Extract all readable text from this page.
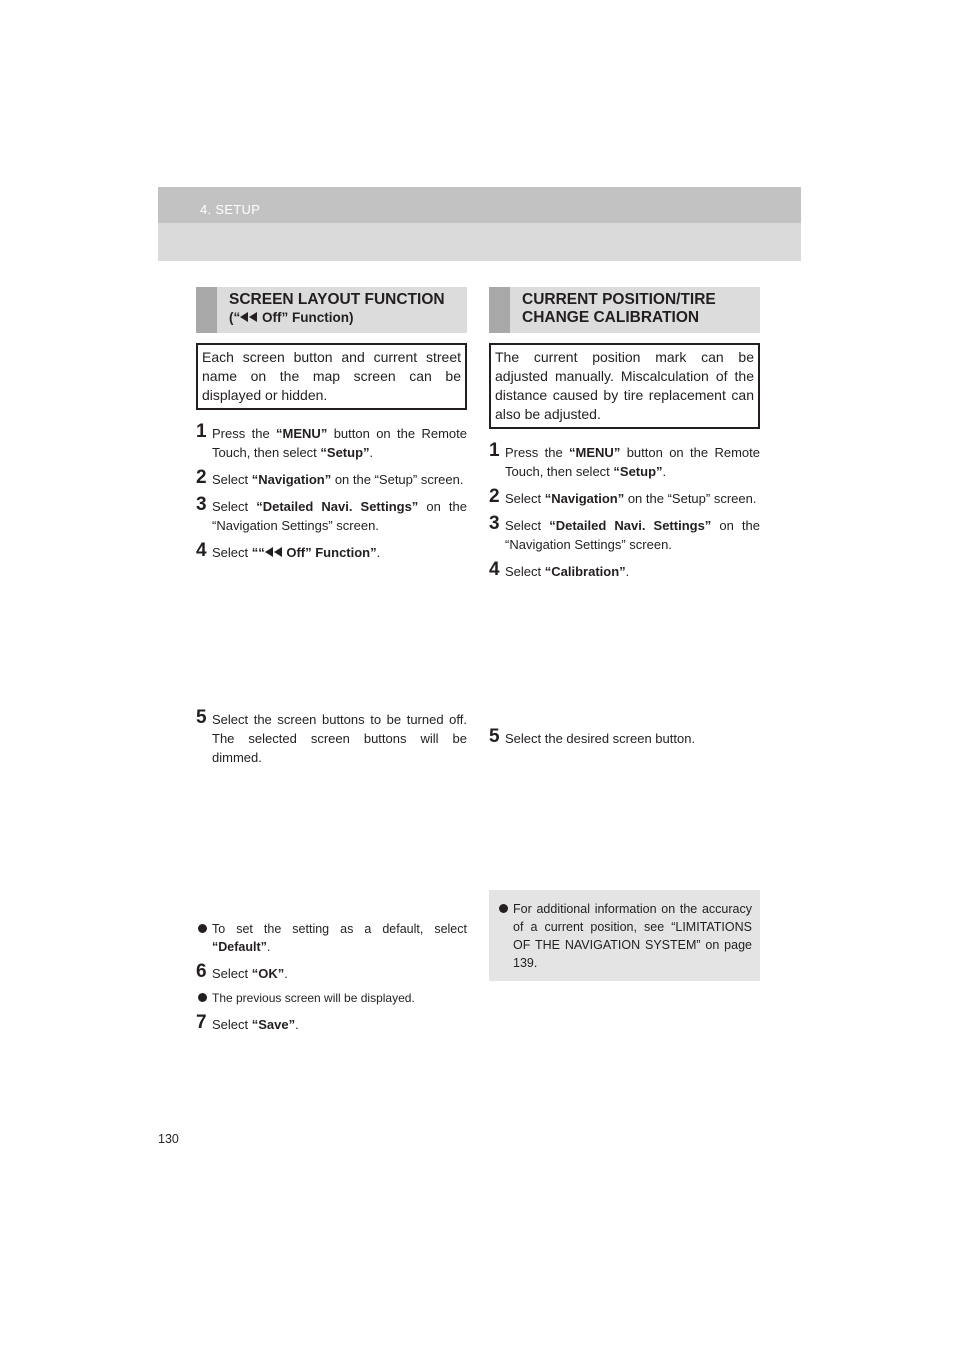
4. SETUP
SCREEN LAYOUT FUNCTION
(“ Off” Function)
Each screen button and current street name on the map screen can be displayed or hidden.
1 Press the “MENU” button on the Remote Touch, then select “Setup”.
2 Select “Navigation” on the “Setup” screen.
3 Select “Detailed Navi. Settings” on the “Navigation Settings” screen.
4 Select ““ Off” Function”.
5 Select the screen buttons to be turned off. The selected screen buttons will be dimmed.
To set the setting as a default, select “Default”.
6 Select “OK”.
The previous screen will be displayed.
7 Select “Save”.
CURRENT POSITION/TIRE
CHANGE CALIBRATION
The current position mark can be adjusted manually. Miscalculation of the distance caused by tire replacement can also be adjusted.
1 Press the “MENU” button on the Remote Touch, then select “Setup”.
2 Select “Navigation” on the “Setup” screen.
3 Select “Detailed Navi. Settings” on the “Navigation Settings” screen.
4 Select “Calibration”.
5 Select the desired screen button.
For additional information on the accuracy of a current position, see “LIMITATIONS OF THE NAVIGATION SYSTEM” on page 139.
130
